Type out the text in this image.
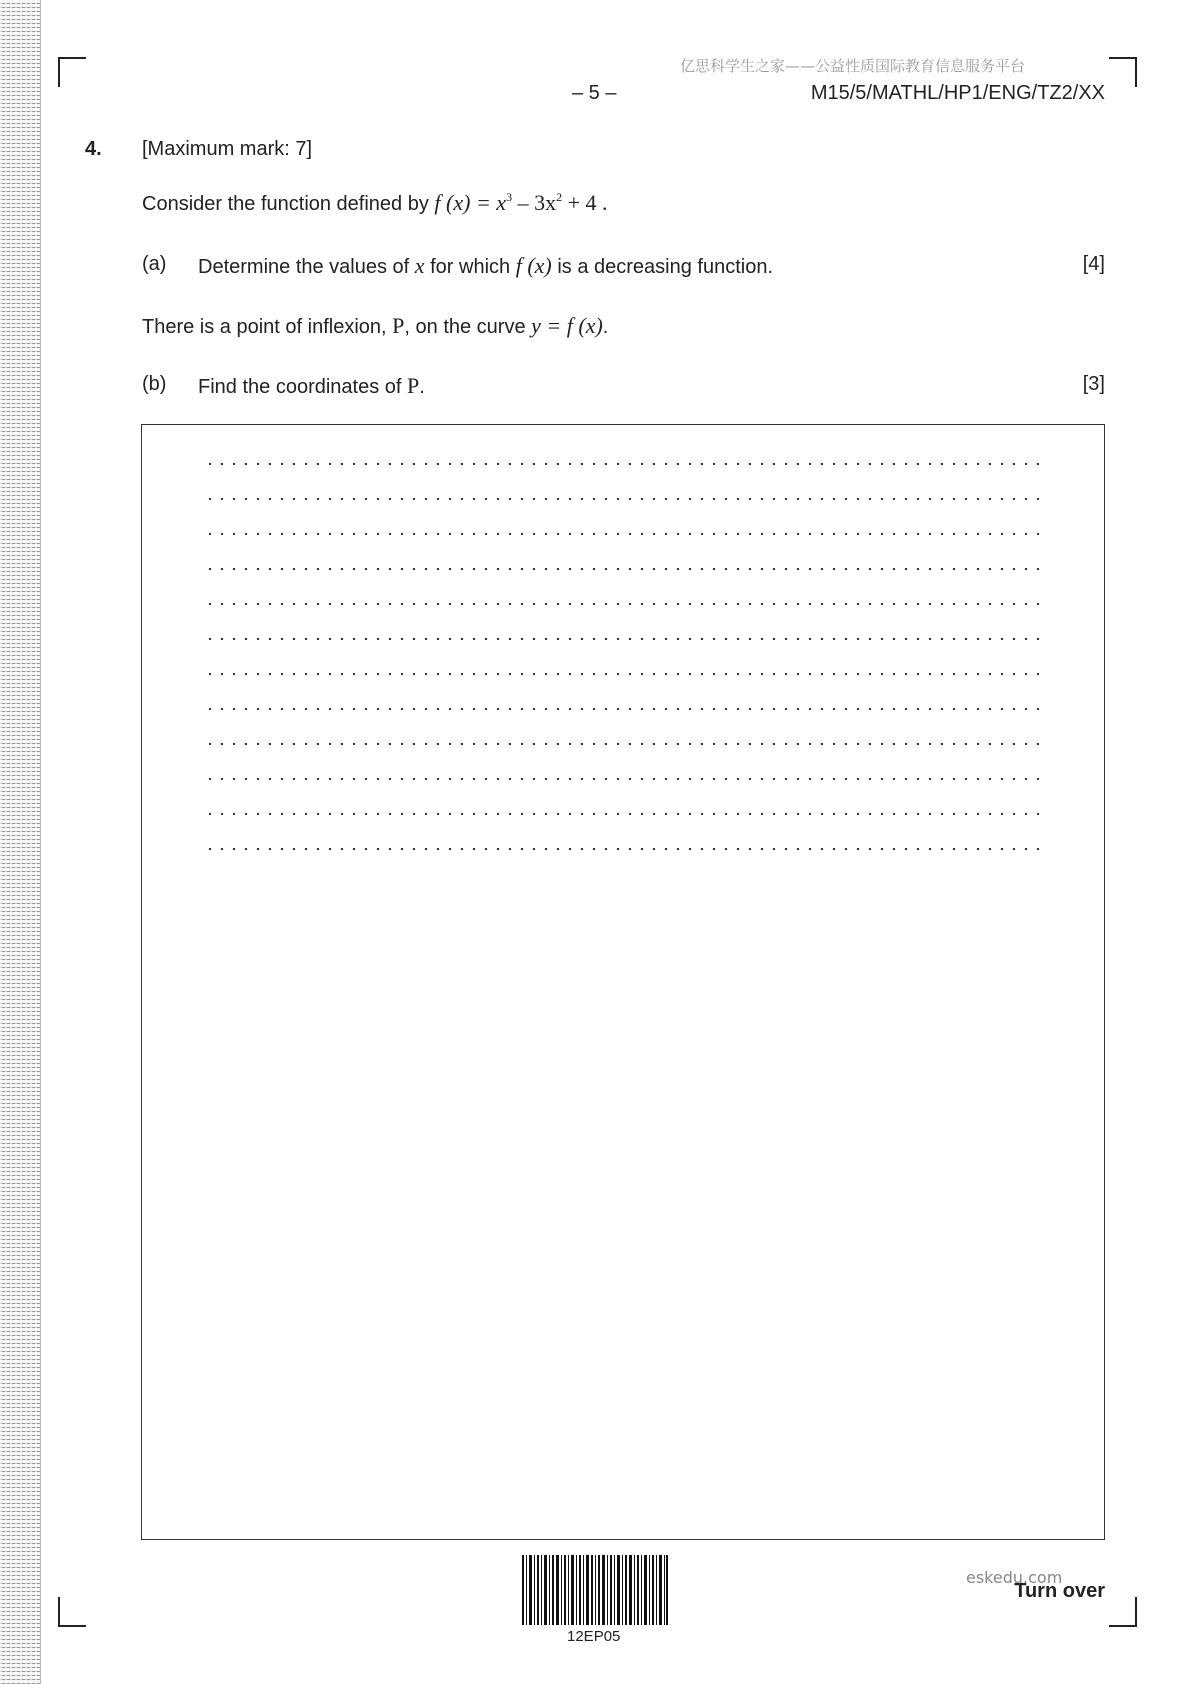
亿思科学生之家——公益性质国际教育信息服务平台
– 5 –	M15/5/MATHL/HP1/ENG/TZ2/XX
4. [Maximum mark: 7]
Consider the function defined by f $(x) = x^3 - 3x^2 + 4$ .
(a) Determine the values of x for which f (x) is a decreasing function.	[4]
There is a point of inflexion, P, on the curve y = f (x).
(b) Find the coordinates of P.	[3]
12EP05
eskedu.com
Turn over
